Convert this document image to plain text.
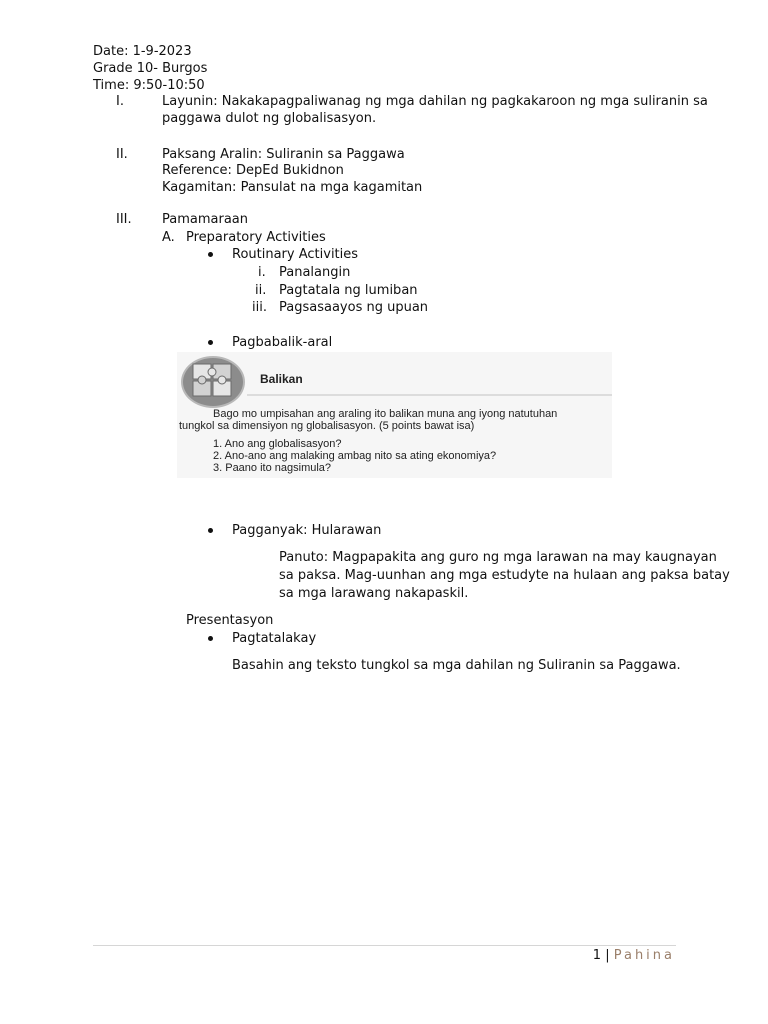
Date: 1-9-2023
Grade 10- Burgos
Time: 9:50-10:50
I.	Layunin: Nakakapagpaliwanag ng mga dahilan ng pagkakaroon ng mga suliranin sa
paggawa dulot ng globalisasyon.
II.	Paksang Aralin: Suliranin sa Paggawa
Reference: DepEd Bukidnon
Kagamitan: Pansulat na mga kagamitan
III. Pamamaraan
A. Preparatory Activities
Routinary Activities
i. Panalangin
ii. Pagtatala ng lumiban
iii. Pagsasaayos ng upuan
Pagbabalik-aral
Balikan
Bago mo umpisahan ang araling ito balikan muna ang iyong natutuhan
tungkol sa dimensiyon ng globalisasyon. (5 points bawat isa)
1. Ano ang globalisasyon?
2. Ano-ano ang malaking ambag nito sa ating ekonomiya?
3. Paano ito nagsimula?
Pagganyak: Hularawan
Panuto: Magpapakita ang guro ng mga larawan na may kaugnayan
sa paksa. Mag-uunhan ang mga estudyte na hulaan ang paksa batay
sa mga larawang nakapaskil.
Presentasyon
Pagtatalakay
Basahin ang teksto tungkol sa mga dahilan ng Suliranin sa Paggawa.
1 | Pahina
